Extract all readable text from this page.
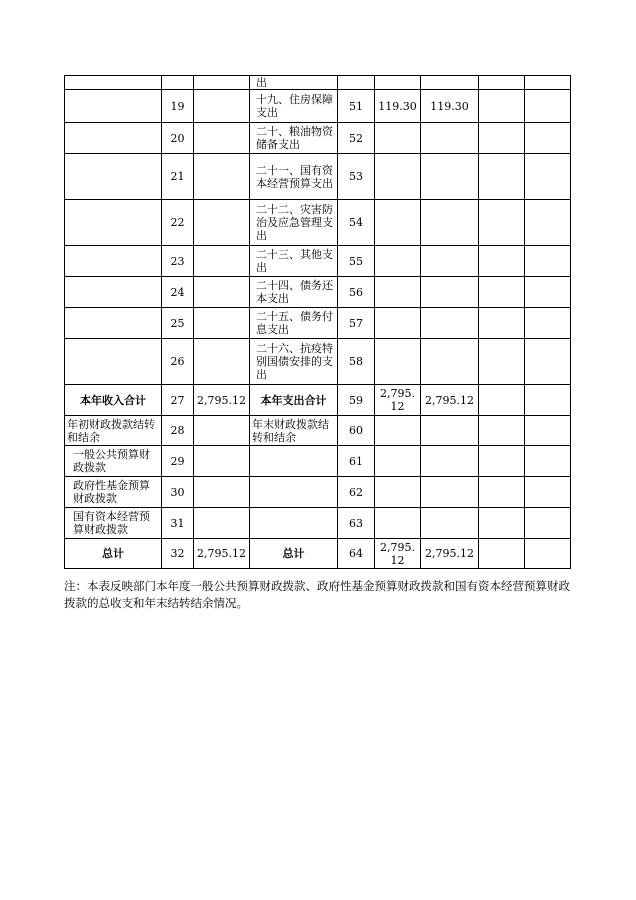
			出					
	19		十九、住房保障支出	51	119.30	119.30		
	20		二十、粮油物资储备支出	52				
	21		二十一、国有资本经营预算支出	53				
	22		二十二、灾害防治及应急管理支出	54				
	23		二十三、其他支出	55				
	24		二十四、债务还本支出	56				
	25		二十五、债务付息支出	57				
	26		二十六、抗疫特别国债安排的支出	58				
本年收入合计	27	2,795.12	本年支出合计	59	2,795.12	2,795.12		
年初财政拨款结转和结余	28		年末财政拨款结转和结余	60				
一般公共预算财政拨款	29			61				
政府性基金预算财政拨款	30			62				
国有资本经营预算财政拨款	31			63				
总计	32	2,795.12	总计	64	2,795.12	2,795.12		
注：本表反映部门本年度一般公共预算财政拨款、政府性基金预算财政拨款和国有资本经营预算财政拨款的总收支和年末结转结余情况。
